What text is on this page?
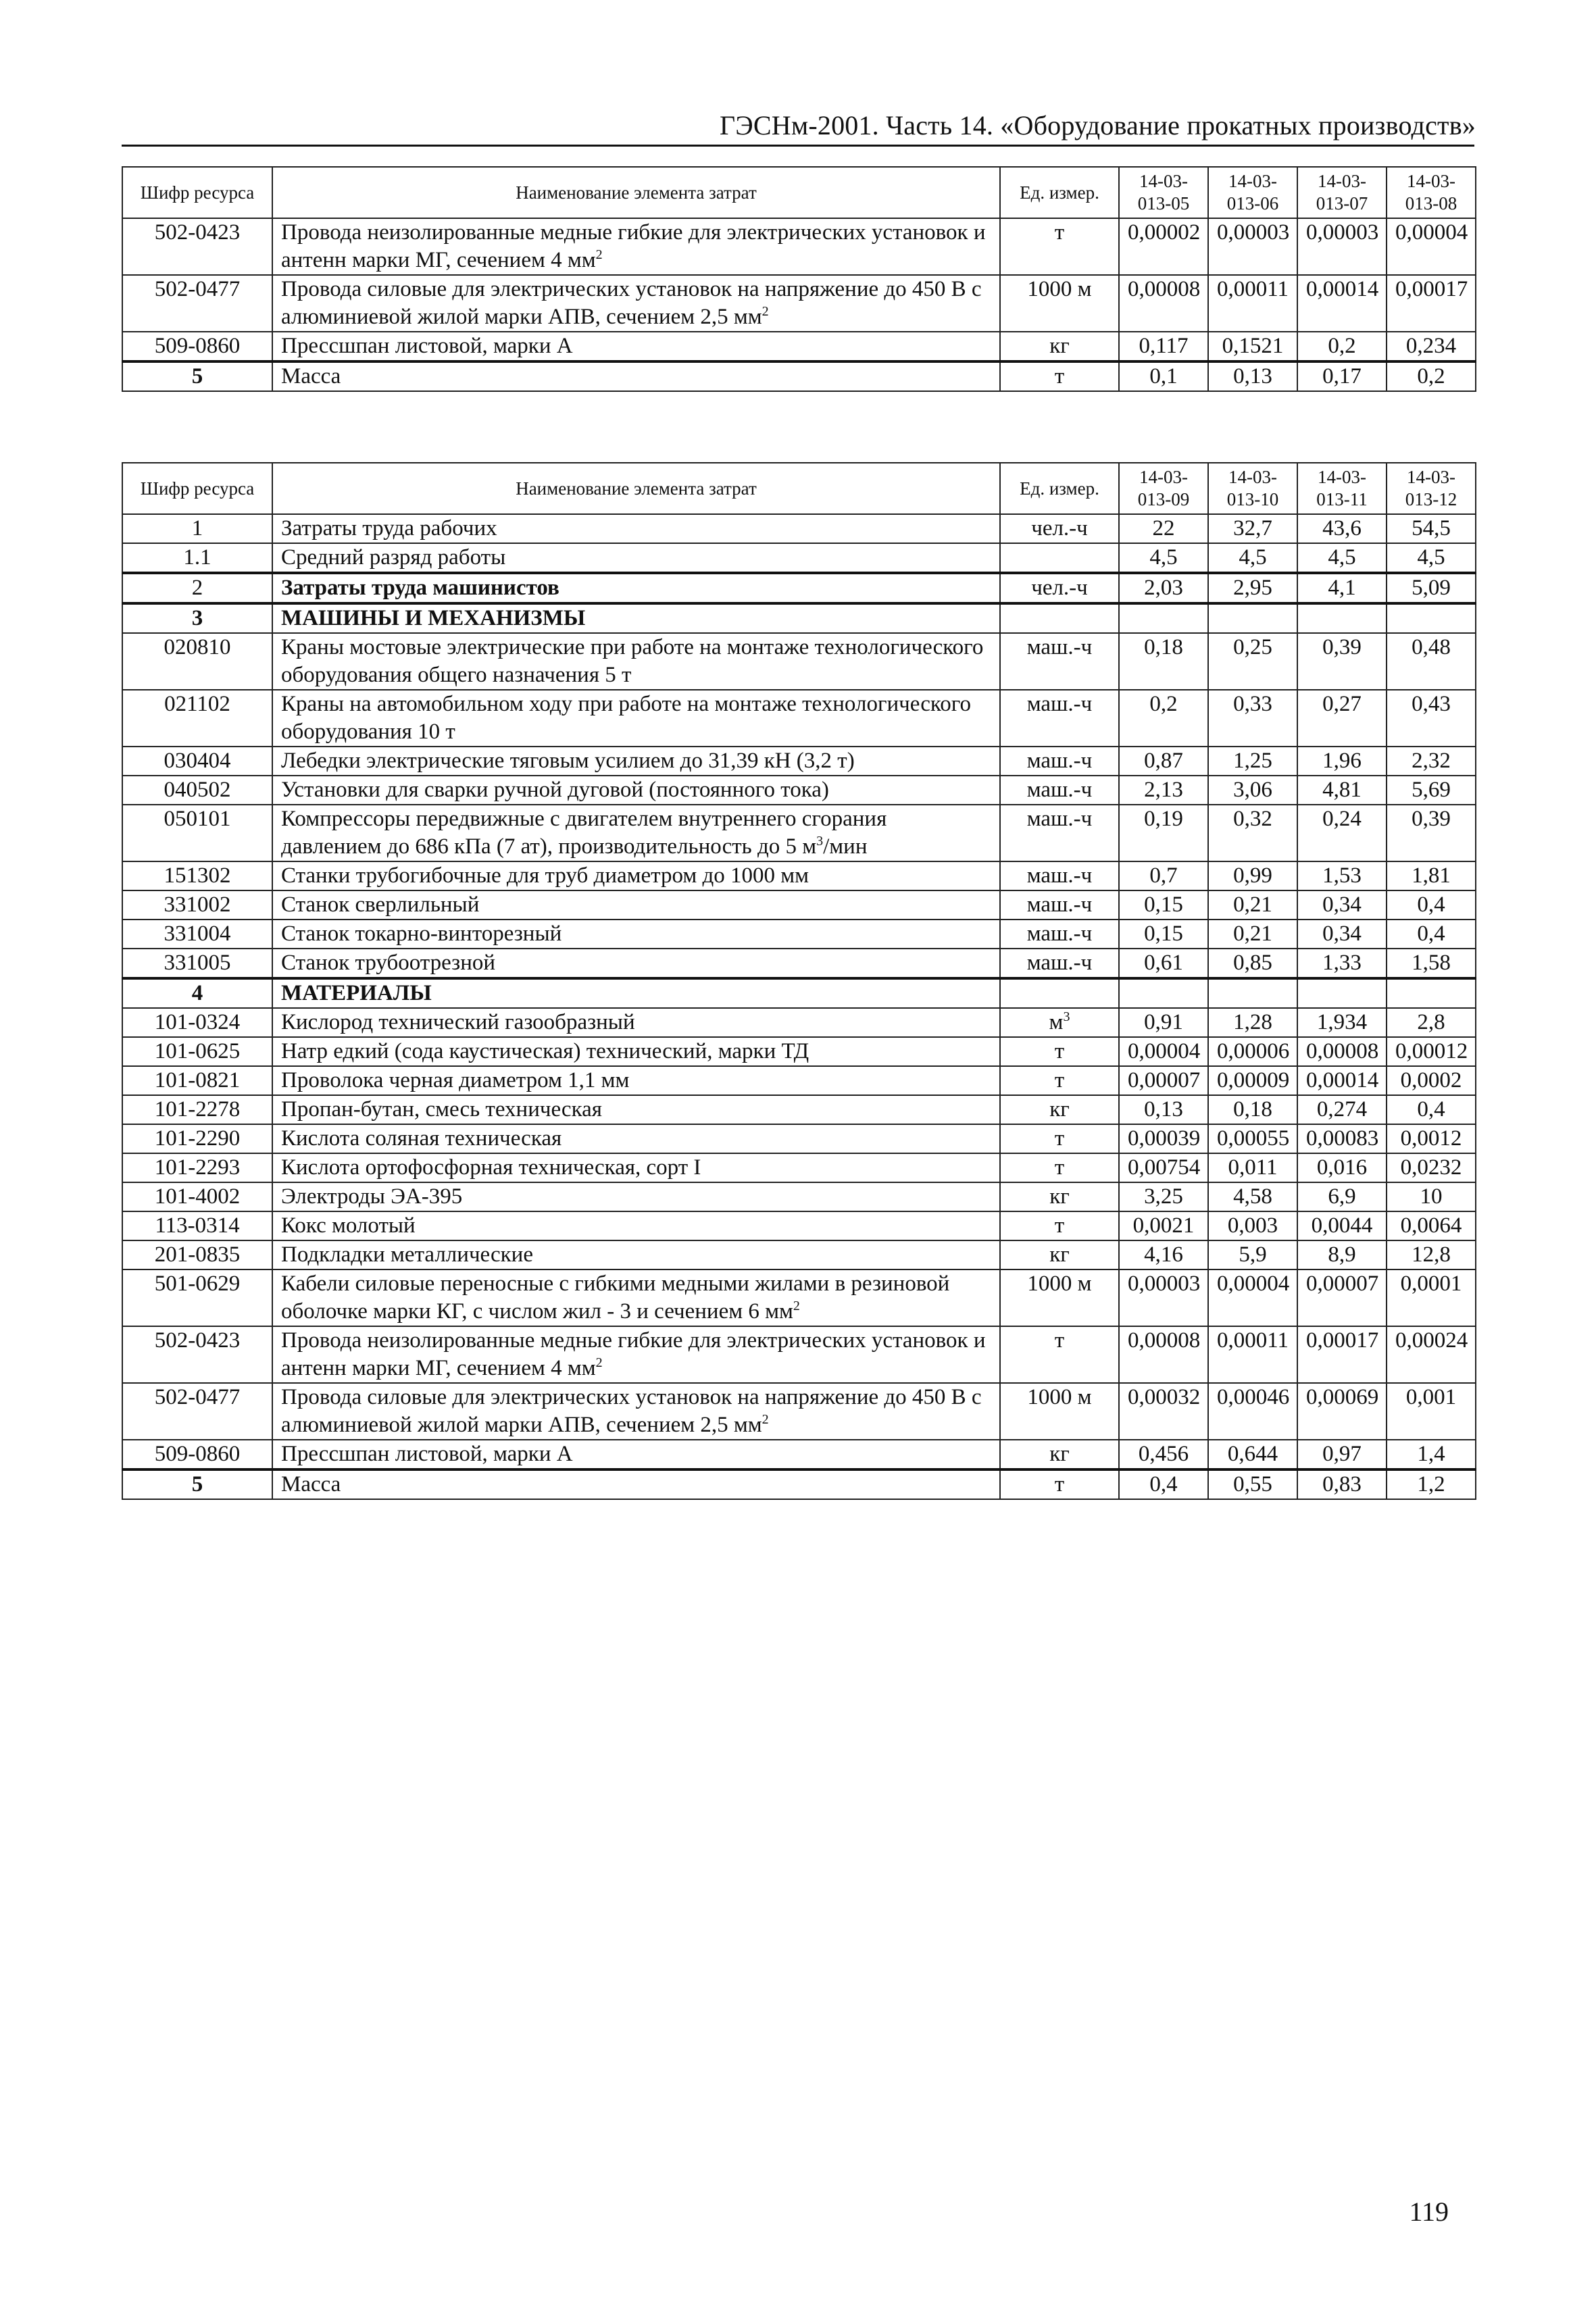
ГЭСНм-2001. Часть 14. «Оборудование прокатных производств»
Шифр ресурса	Наименование элемента затрат	Ед. измер.	14-03-013-05	14-03-013-06	14-03-013-07	14-03-013-08
502-0423	Провода неизолированные медные гибкие для электрических установок и антенн марки МГ, сечением 4 $мм^2$	т	0,00002	0,00003	0,00003	0,00004
502-0477	Провода силовые для электрических установок на напряжение до 450 В с алюминиевой жилой марки АПВ, сечением 2,5 $мм^2$	1000 м	0,00008	0,00011	0,00014	0,00017
509-0860	Прессшпан листовой, марки А	кг	0,117	0,1521	0,2	0,234
5	Масса	т	0,1	0,13	0,17	0,2
Шифр ресурса	Наименование элемента затрат	Ед. измер.	14-03-013-09	14-03-013-10	14-03-013-11	14-03-013-12
1	Затраты труда рабочих	чел.-ч	22	32,7	43,6	54,5
1.1	Средний разряд работы		4,5	4,5	4,5	4,5
2	Затраты труда машинистов	чел.-ч	2,03	2,95	4,1	5,09
3	МАШИНЫ И МЕХАНИЗМЫ					
020810	Краны мостовые электрические при работе на монтаже технологического оборудования общего назначения 5 т	маш.-ч	0,18	0,25	0,39	0,48
021102	Краны на автомобильном ходу при работе на монтаже технологического оборудования 10 т	маш.-ч	0,2	0,33	0,27	0,43
030404	Лебедки электрические тяговым усилием до 31,39 кН (3,2 т)	маш.-ч	0,87	1,25	1,96	2,32
040502	Установки для сварки ручной дуговой (постоянного тока)	маш.-ч	2,13	3,06	4,81	5,69
050101	Компрессоры передвижные с двигателем внутреннего сгорания давлением до 686 кПа (7 ат), производительность до 5 $м^3$/мин	маш.-ч	0,19	0,32	0,24	0,39
151302	Станки трубогибочные для труб диаметром до 1000 мм	маш.-ч	0,7	0,99	1,53	1,81
331002	Станок сверлильный	маш.-ч	0,15	0,21	0,34	0,4
331004	Станок токарно-винторезный	маш.-ч	0,15	0,21	0,34	0,4
331005	Станок трубоотрезной	маш.-ч	0,61	0,85	1,33	1,58
4	МАТЕРИАЛЫ					
101-0324	Кислород технический газообразный	$м^3$	0,91	1,28	1,934	2,8
101-0625	Натр едкий (сода каустическая) технический, марки ТД	т	0,00004	0,00006	0,00008	0,00012
101-0821	Проволока черная диаметром 1,1 мм	т	0,00007	0,00009	0,00014	0,0002
101-2278	Пропан-бутан, смесь техническая	кг	0,13	0,18	0,274	0,4
101-2290	Кислота соляная техническая	т	0,00039	0,00055	0,00083	0,0012
101-2293	Кислота ортофосфорная техническая, сорт I	т	0,00754	0,011	0,016	0,0232
101-4002	Электроды ЭА-395	кг	3,25	4,58	6,9	10
113-0314	Кокс молотый	т	0,0021	0,003	0,0044	0,0064
201-0835	Подкладки металлические	кг	4,16	5,9	8,9	12,8
501-0629	Кабели силовые переносные с гибкими медными жилами в резиновой оболочке марки КГ, с числом жил - 3 и сечением 6 $мм^2$	1000 м	0,00003	0,00004	0,00007	0,0001
502-0423	Провода неизолированные медные гибкие для электрических установок и антенн марки МГ, сечением 4 $мм^2$	т	0,00008	0,00011	0,00017	0,00024
502-0477	Провода силовые для электрических установок на напряжение до 450 В с алюминиевой жилой марки АПВ, сечением 2,5 $мм^2$	1000 м	0,00032	0,00046	0,00069	0,001
509-0860	Прессшпан листовой, марки А	кг	0,456	0,644	0,97	1,4
5	Масса	т	0,4	0,55	0,83	1,2
119
